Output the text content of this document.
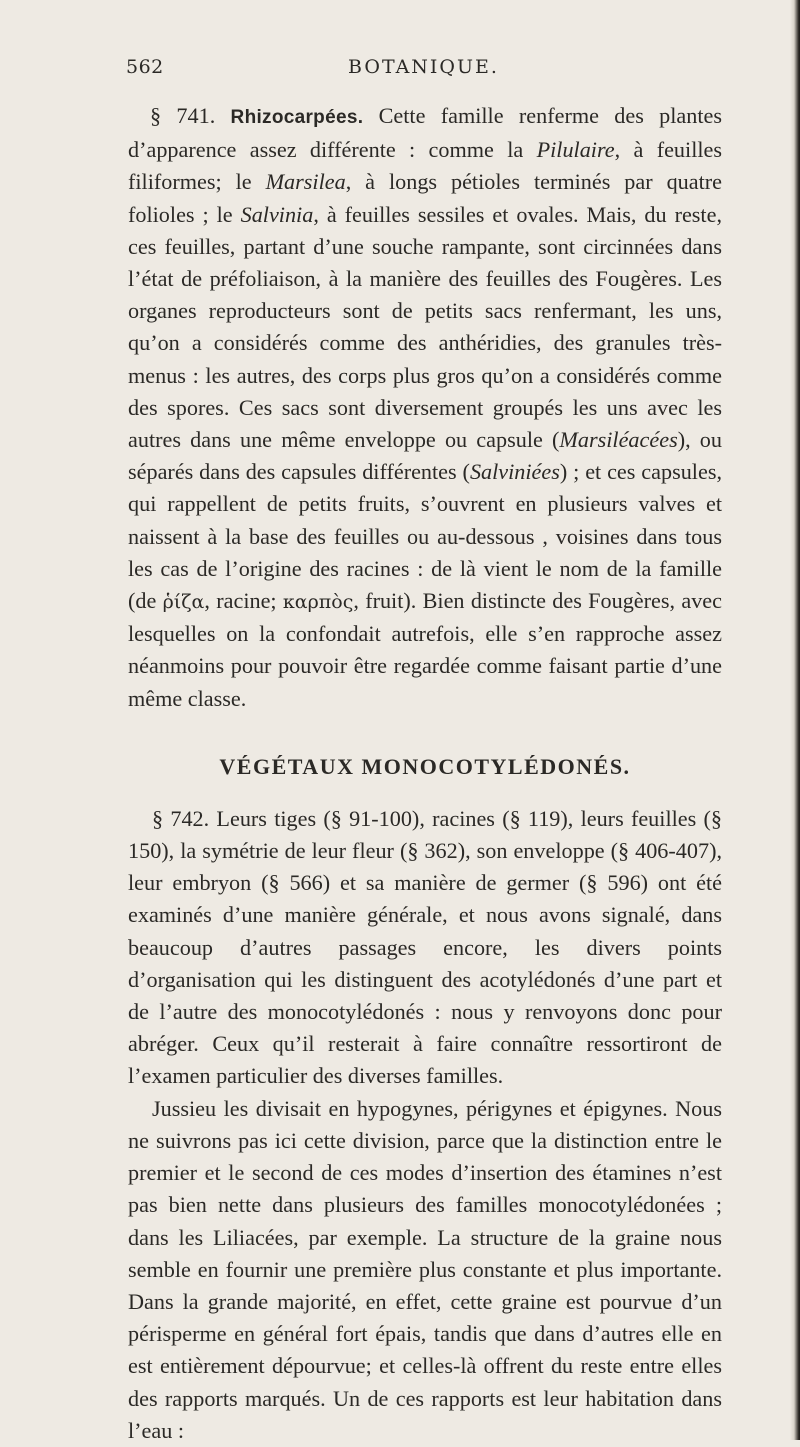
562	BOTANIQUE.

§ 741. Rhizocarpées. Cette famille renferme des plantes d’apparence assez différente : comme la Pilulaire, à feuilles filiformes; le Marsilea, à longs pétioles terminés par quatre folioles ; le Salvinia, à feuilles sessiles et ovales. Mais, du reste, ces feuilles, partant d’une souche rampante, sont circinnées dans l’état de préfoliaison, à la manière des feuilles des Fougères. Les organes reproducteurs sont de petits sacs renfermant, les uns, qu’on a considérés comme des anthéridies, des granules très-menus : les autres, des corps plus gros qu’on a considérés comme des spores. Ces sacs sont diversement groupés les uns avec les autres dans une même enveloppe ou capsule (Marsiléacées), ou séparés dans des capsules différentes (Salviniées) ; et ces capsules, qui rappellent de petits fruits, s’ouvrent en plusieurs valves et naissent à la base des feuilles ou au-dessous , voisines dans tous les cas de l’origine des racines : de là vient le nom de la famille (de ῥίζα, racine; καρπὸς, fruit). Bien distincte des Fougères, avec lesquelles on la confondait autrefois, elle s’en rapproche assez néanmoins pour pouvoir être regardée comme faisant partie d’une même classe.

VÉGÉTAUX MONOCOTYLÉDONÉS.

§ 742. Leurs tiges (§ 91-100), racines (§ 119), leurs feuilles (§ 150), la symétrie de leur fleur (§ 362), son enveloppe (§ 406-407), leur embryon (§ 566) et sa manière de germer (§ 596) ont été examinés d’une manière générale, et nous avons signalé, dans beaucoup d’autres passages encore, les divers points d’organisation qui les distinguent des acotylédonés d’une part et de l’autre des monocotylédonés : nous y renvoyons donc pour abréger. Ceux qu’il resterait à faire connaître ressortiront de l’examen particulier des diverses familles.

Jussieu les divisait en hypogynes, périgynes et épigynes. Nous ne suivrons pas ici cette division, parce que la distinction entre le premier et le second de ces modes d’insertion des étamines n’est pas bien nette dans plusieurs des familles monocotylédonées ; dans les Liliacées, par exemple. La structure de la graine nous semble en fournir une première plus constante et plus importante. Dans la grande majorité, en effet, cette graine est pourvue d’un périsperme en général fort épais, tandis que dans d’autres elle en est entièrement dépourvue; et celles-là offrent du reste entre elles des rapports marqués. Un de ces rapports est leur habitation dans l’eau :
